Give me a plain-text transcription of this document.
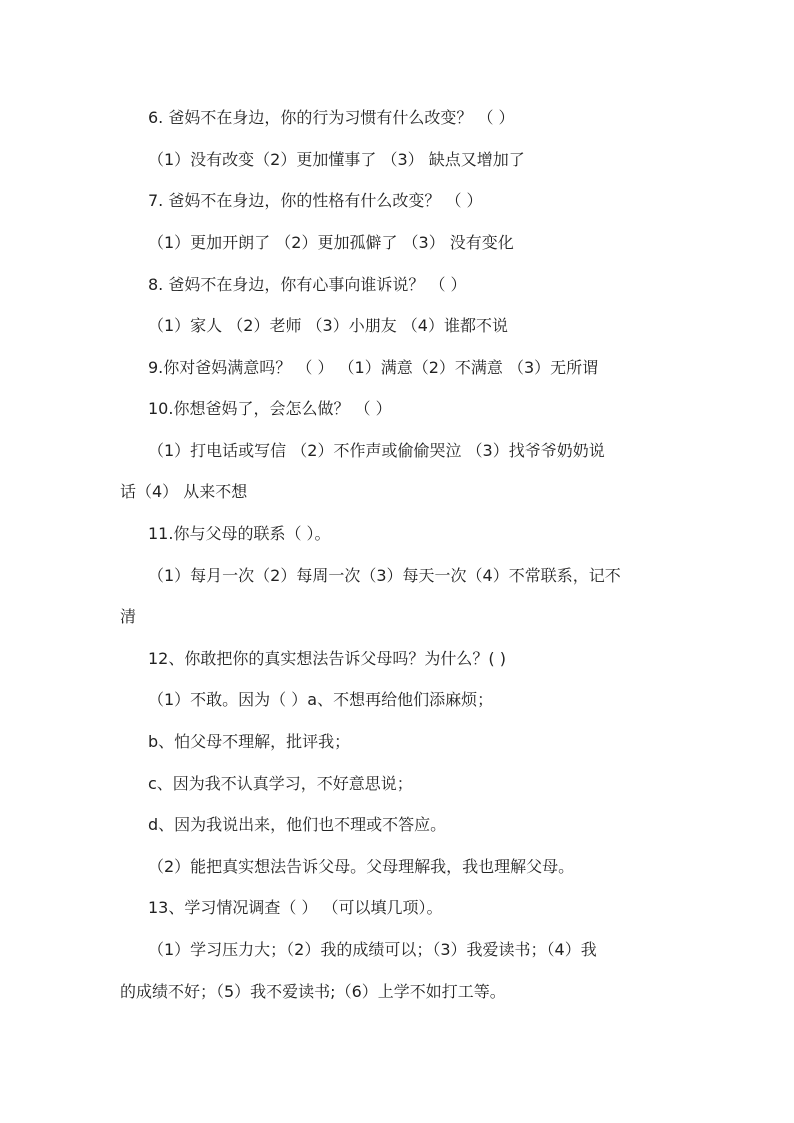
6. 爸妈不在身边，你的行为习惯有什么改变？ （ ）
（1）没有改变（2）更加懂事了 （3） 缺点又增加了
7. 爸妈不在身边，你的性格有什么改变？ （ ）
（1）更加开朗了 （2）更加孤僻了 （3） 没有变化
8. 爸妈不在身边，你有心事向谁诉说？ （ ）
（1）家人 （2）老师 （3）小朋友 （4）谁都不说
9.你对爸妈满意吗？ （ ） （1）满意（2）不满意 （3）无所谓
10.你想爸妈了，会怎么做？ （ ）
（1）打电话或写信 （2）不作声或偷偷哭泣 （3）找爷爷奶奶说
话（4） 从来不想
11.你与父母的联系（ ）。
（1）每月一次（2）每周一次（3）每天一次（4）不常联系，记不
清
12、你敢把你的真实想法告诉父母吗？为什么？( )
（1）不敢。因为（ ）a、不想再给他们添麻烦；
b、怕父母不理解，批评我；
c、因为我不认真学习，不好意思说；
d、因为我说出来，他们也不理或不答应。
（2）能把真实想法告诉父母。父母理解我，我也理解父母。
13、学习情况调查（ ） （可以填几项）。
（1）学习压力大；（2）我的成绩可以；（3）我爱读书；（4）我
的成绩不好；（5）我不爱读书;（6）上学不如打工等。
